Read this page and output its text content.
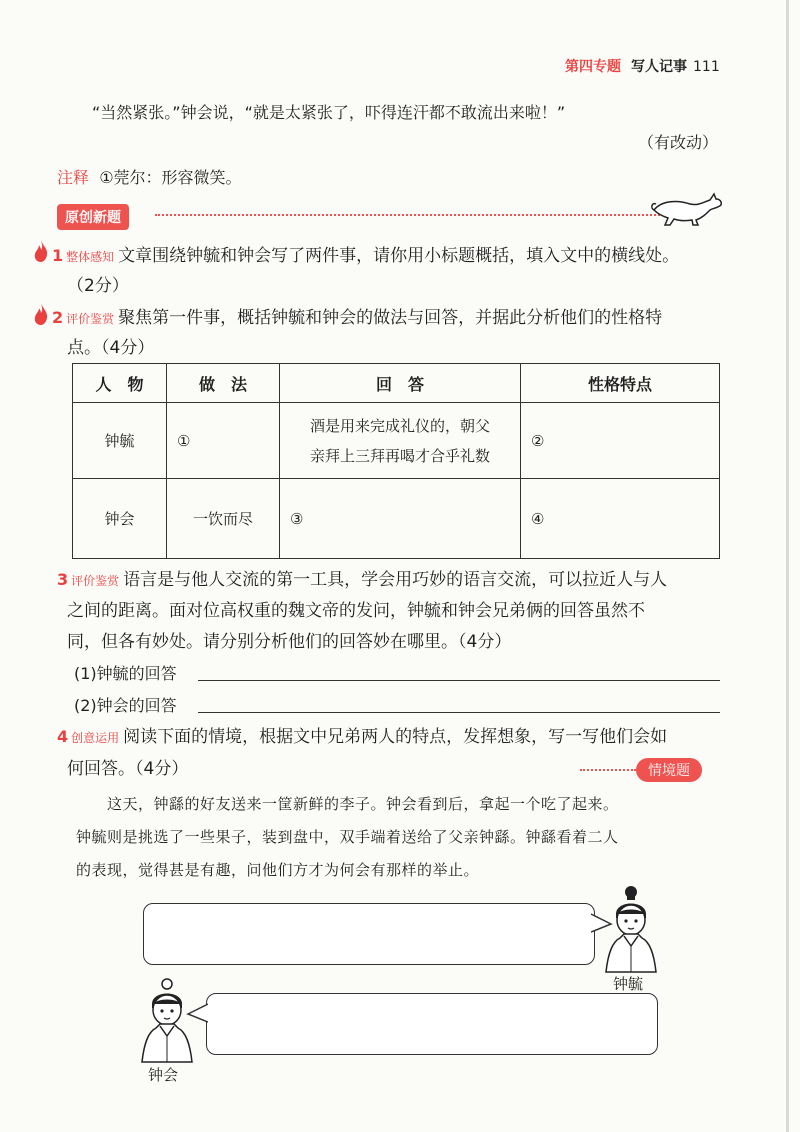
第四专题 写人记事 111
“当然紧张。”钟会说，“就是太紧张了，吓得连汗都不敢流出来啦！”
（有改动）
注释 ①莞尔：形容微笑。
原创新题
1 整体感知 文章围绕钟毓和钟会写了两件事，请你用小标题概括，填入文中的横线处。
（2分）
2 评价鉴赏 聚焦第一件事，概括钟毓和钟会的做法与回答，并据此分析他们的性格特
点。（4分）
人　物	做　法	回　答	性格特点
钟毓	①	酒是用来完成礼仪的，朝父
亲拜上三拜再喝才合乎礼数	②
钟会	一饮而尽	③	④
3 评价鉴赏 语言是与他人交流的第一工具，学会用巧妙的语言交流，可以拉近人与人
之间的距离。面对位高权重的魏文帝的发问，钟毓和钟会兄弟俩的回答虽然不
同，但各有妙处。请分别分析他们的回答妙在哪里。（4分）
(1)钟毓的回答
(2)钟会的回答
4 创意运用 阅读下面的情境，根据文中兄弟两人的特点，发挥想象，写一写他们会如
何回答。（4分）	情境题
这天，钟繇的好友送来一筐新鲜的李子。钟会看到后，拿起一个吃了起来。
钟毓则是挑选了一些果子，装到盘中，双手端着送给了父亲钟繇。钟繇看着二人
的表现，觉得甚是有趣，问他们方才为何会有那样的举止。
钟毓
钟会
